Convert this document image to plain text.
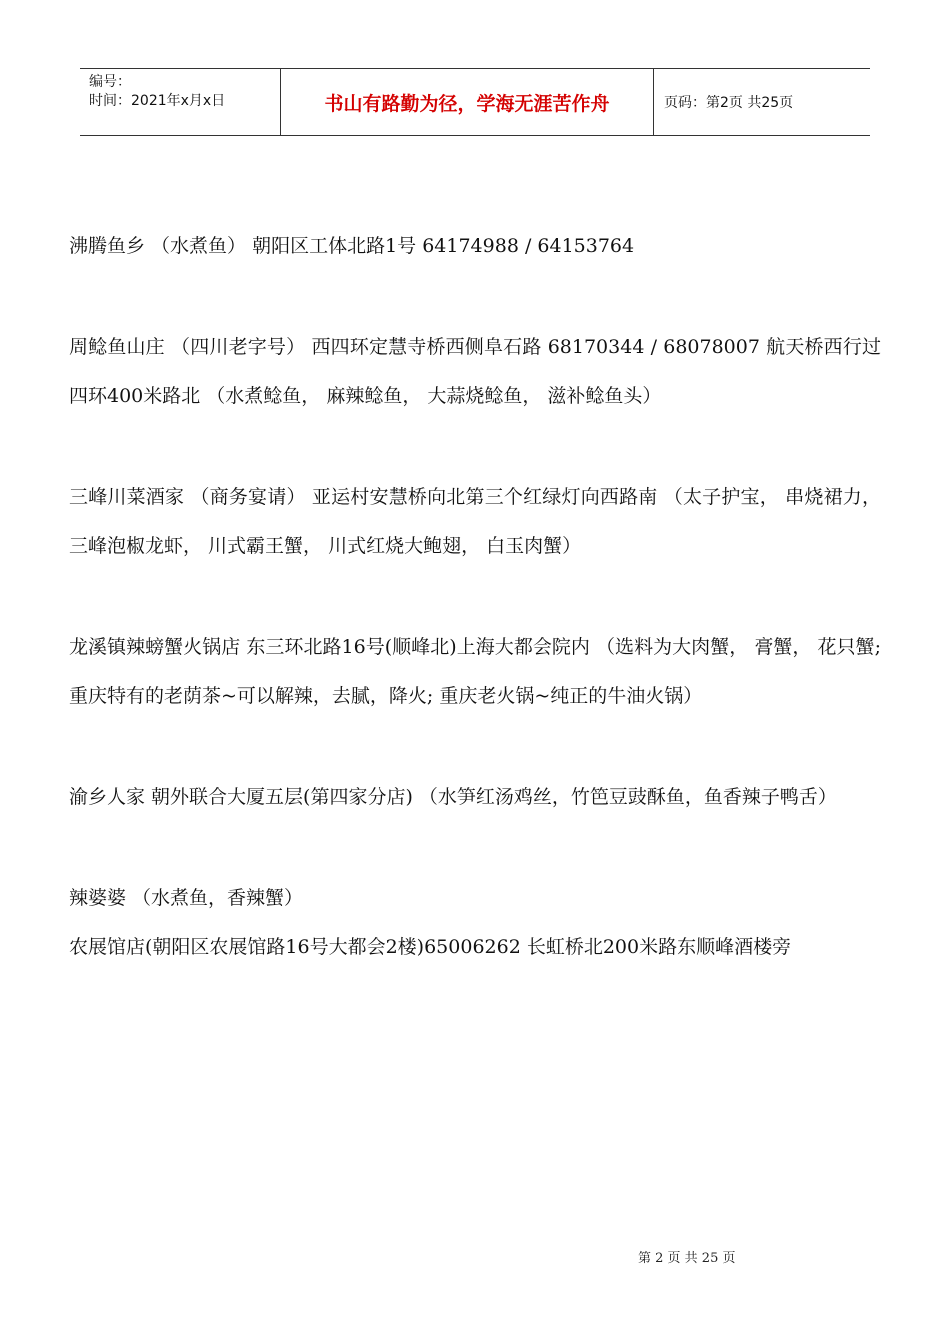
编号：
时间：2021年x月x日	书山有路勤为径，学海无涯苦作舟	页码：第2页 共25页

沸腾鱼乡 （水煮鱼） 朝阳区工体北路1号 64174988 / 64153764

周鲶鱼山庄 （四川老字号） 西四环定慧寺桥西侧阜石路 68170344 / 68078007 航天桥西行过四环400米路北 （水煮鲶鱼， 麻辣鲶鱼， 大蒜烧鲶鱼， 滋补鲶鱼头）

三峰川菜酒家 （商务宴请） 亚运村安慧桥向北第三个红绿灯向西路南 （太子护宝， 串烧裙力， 三峰泡椒龙虾， 川式霸王蟹， 川式红烧大鲍翅， 白玉肉蟹）

龙溪镇辣螃蟹火锅店 东三环北路16号(顺峰北)上海大都会院内 （选料为大肉蟹， 膏蟹， 花只蟹; 重庆特有的老荫茶~可以解辣，去腻，降火; 重庆老火锅~纯正的牛油火锅）

渝乡人家 朝外联合大厦五层(第四家分店) （水笋红汤鸡丝，竹笆豆豉酥鱼，鱼香辣子鸭舌）

辣婆婆 （水煮鱼，香辣蟹）

农展馆店(朝阳区农展馆路16号大都会2楼)65006262 长虹桥北200米路东顺峰酒楼旁

第 2 页 共 25 页
